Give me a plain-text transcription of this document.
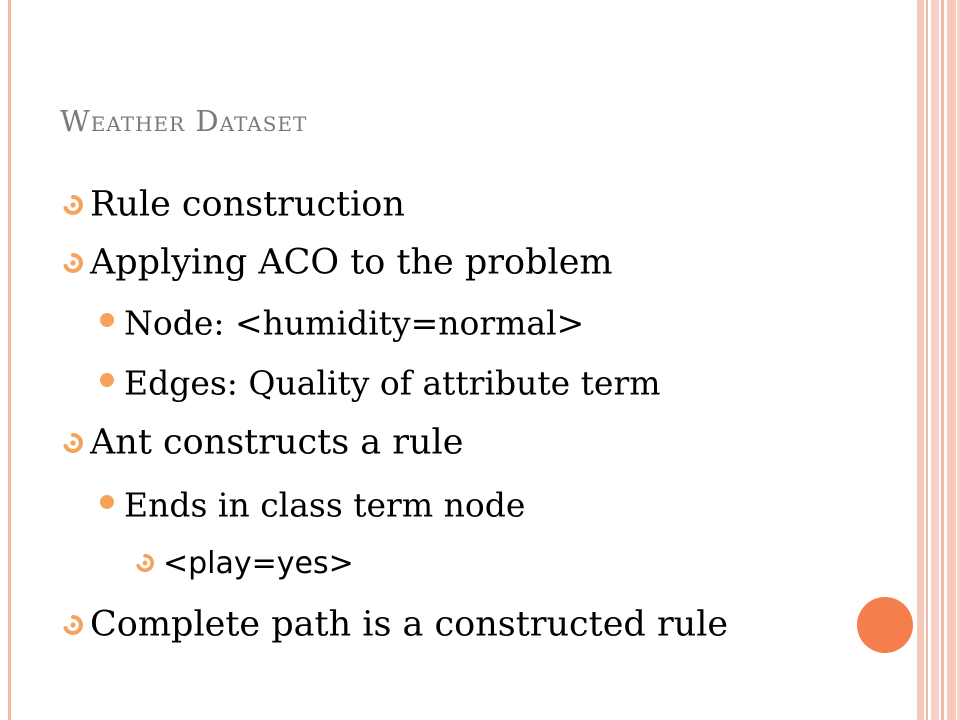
Weather Dataset
Rule construction
Applying ACO to the problem
Node: <humidity=normal>
Edges: Quality of attribute term
Ant constructs a rule
Ends in class term node
<play=yes>
Complete path is a constructed rule
